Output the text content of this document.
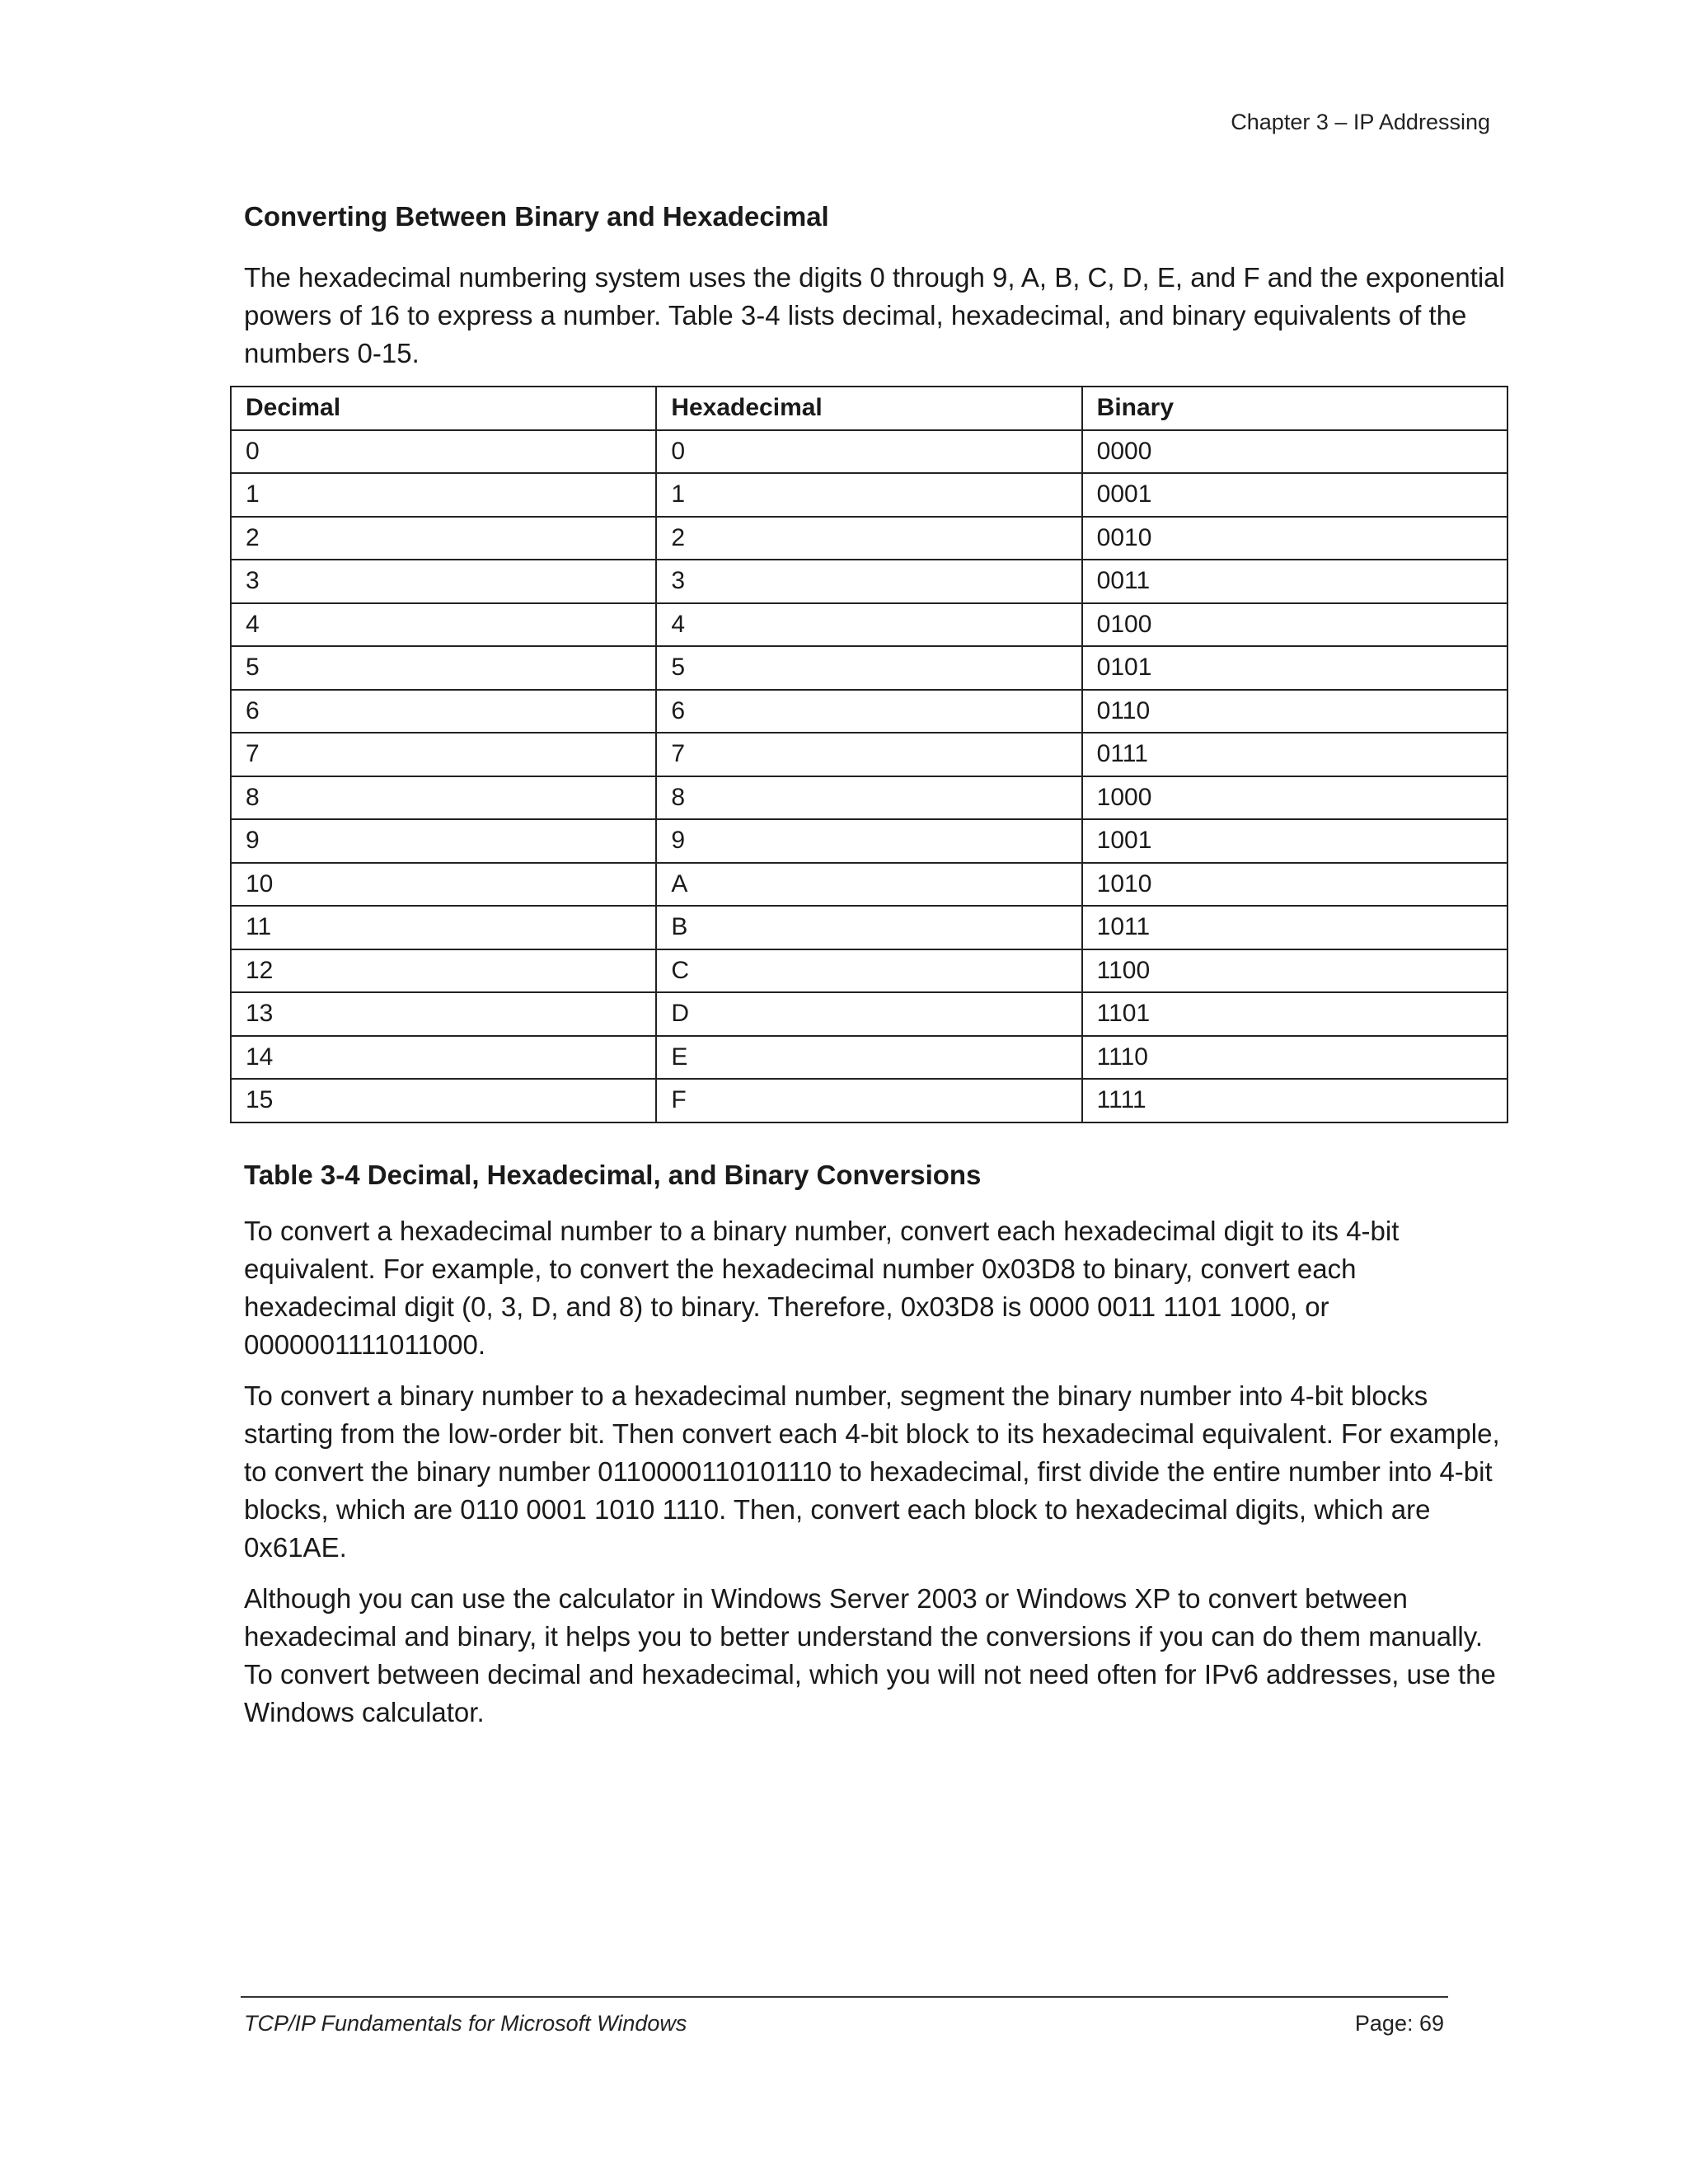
Chapter 3 – IP Addressing
Converting Between Binary and Hexadecimal

The hexadecimal numbering system uses the digits 0 through 9, A, B, C, D, E, and F and the exponential powers of 16 to express a number. Table 3-4 lists decimal, hexadecimal, and binary equivalents of the numbers 0-15.

Decimal	Hexadecimal	Binary
0	0	0000
1	1	0001
2	2	0010
3	3	0011
4	4	0100
5	5	0101
6	6	0110
7	7	0111
8	8	1000
9	9	1001
10	A	1010
11	B	1011
12	C	1100
13	D	1101
14	E	1110
15	F	1111
Table 3-4 Decimal, Hexadecimal, and Binary Conversions

To convert a hexadecimal number to a binary number, convert each hexadecimal digit to its 4-bit equivalent. For example, to convert the hexadecimal number 0x03D8 to binary, convert each hexadecimal digit (0, 3, D, and 8) to binary. Therefore, 0x03D8 is 0000 0011 1101 1000, or 0000001111011000.

To convert a binary number to a hexadecimal number, segment the binary number into 4-bit blocks starting from the low-order bit. Then convert each 4-bit block to its hexadecimal equivalent. For example, to convert the binary number 0110000110101110 to hexadecimal, first divide the entire number into 4-bit blocks, which are 0110 0001 1010 1110. Then, convert each block to hexadecimal digits, which are 0x61AE.

Although you can use the calculator in Windows Server 2003 or Windows XP to convert between hexadecimal and binary, it helps you to better understand the conversions if you can do them manually. To convert between decimal and hexadecimal, which you will not need often for IPv6 addresses, use the Windows calculator.

TCP/IP Fundamentals for Microsoft Windows	Page: 69
